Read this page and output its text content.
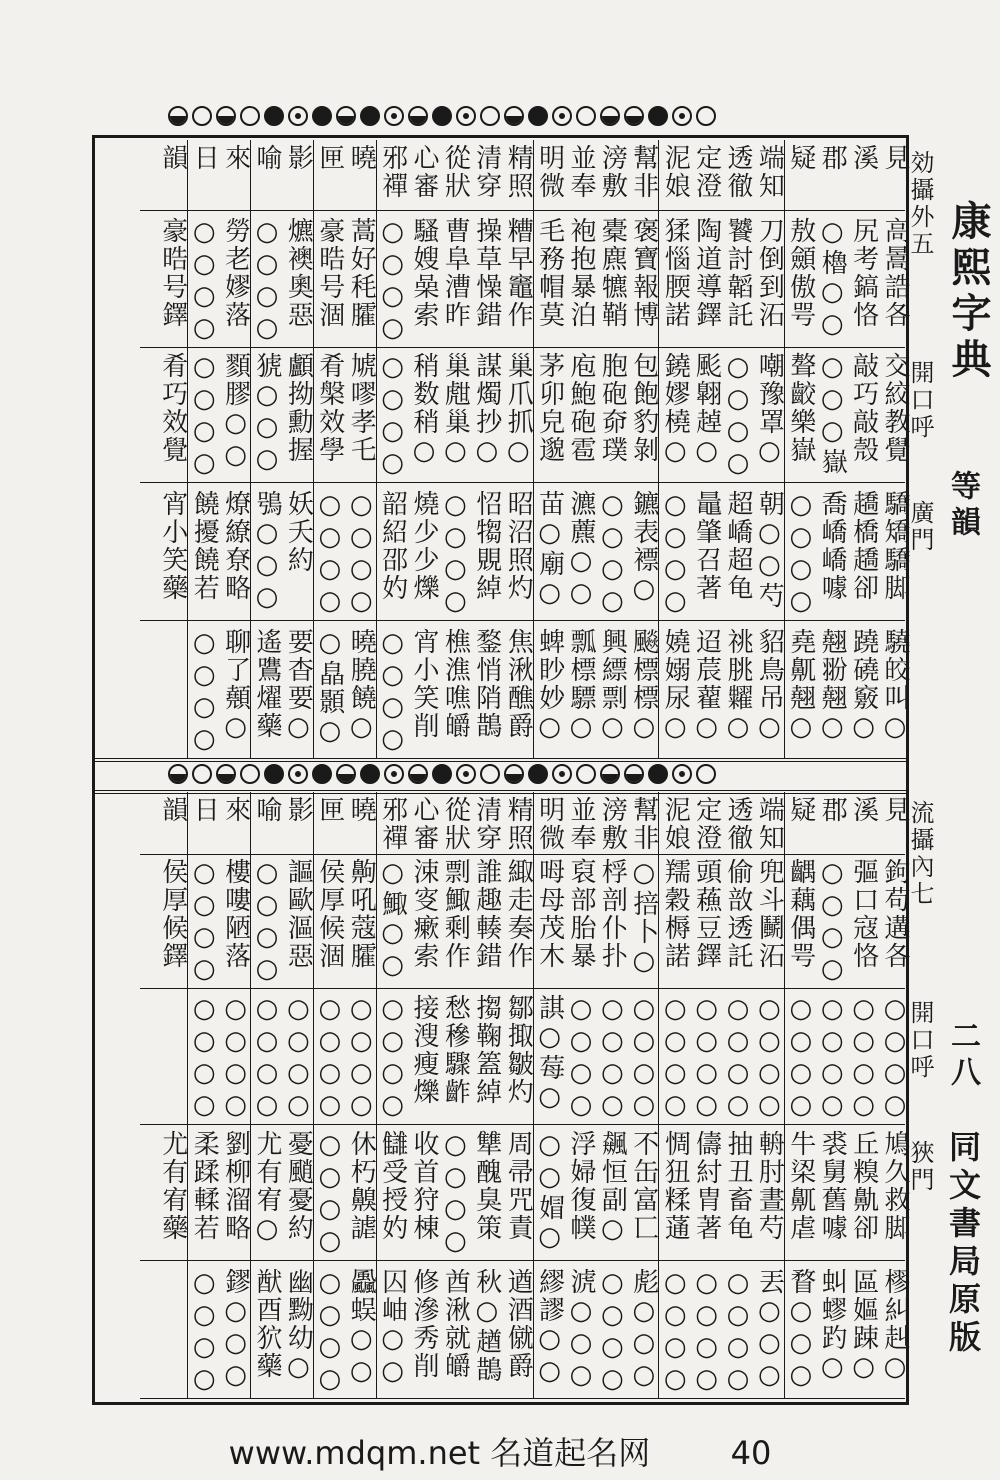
見
溪
郡
疑
端知
透徹
定澄
泥娘
幫非
滂敷
並奉
明微
精照
清穿
從狀
心審
邪禪
曉
匣
影
喻
來
日
韻
高暠誥各
尻考鎬恪
○櫓○○
敖顩傲咢
刀倒到沰
饕討韜託
陶道導鐸
猱惱腝諾
褒寶報博
橐麃犥鞘
袍抱暴泊
毛務帽莫
糟早竈作
操草懆錯
曹阜漕昨
騷嫂喿索
○○○○
蒿好秏臛
豪晧号涸
爊襖奧惡
○○○○
勞老嫪落
○○○○
豪晧号鐸
交絞教覺
敲巧敲殼
○○○嶽
聱齩樂嶽
嘲豫罩○
○○○○
颩翺趠○
鐃嫪橈○
包飽豹剝
胞砲奅璞
庖鮑砲雹
茅卯皃邈
巢爪抓○
謀燭抄○
巢甝巢○
稍数稍○
○○○○
虓嘐孝乇
肴槃效學
顱拗勳握
猇○○○
顟膠○○
○○○○
肴巧效覺
驕矯驕脚
趫橋趫卻
喬嶠嶠噱
○○○○
朝○○芍
超嶠超龟
鼂肇召著
○○○○
鑣表褾○
○○○○
瀌藨○○
苗○廟○
昭沼照灼
怊犓覞綽
○○○○
燒少少爍
韶紹邵妁
○○○○
○○○○
妖夭約
鴞○○○
燎繚尞略
饒擾饒若
宵小笑藥
驍皎叫○
蹺磽竅○
翹翂翹○
堯鼿翹○
貂鳥吊○
祧朓糶○
迢莀藋○
嬈嫋尿○
飈標標○
興縹剽○
瓢標驃○
蜱眇妙○
焦湫醮爵
鍪悄陗鵲
樵潐噍皭
宵小笑削
○○○○
曉膮饒○
○皛顥○
要杳要○
遙鷕燿藥
聊了顤○
○○○○
見
溪
郡
疑
端知
透徹
定澄
泥娘
幫非
滂敷
並奉
明微
精照
清穿
從狀
心審
邪禪
曉
匣
影
喻
來
日
韻
鉤苟遘各
彄口寇恪
○○○○
齵藕偶咢
兜斗鬭沰
偷敨透託
頭蘓豆鐸
羺穀槈諾
○掊卜○
桴剖仆扑
裒部胎暴
呣母茂木
緅走奏作
誰趣輳錯
剽鯫剩作
涑叜瘶索
○鯫○○
齁吼蔻臛
侯厚候涸
謳歐漚惡
○○○○
樓嘍陋落
○○○○
侯厚候鐸
○○○○
○○○○
○○○○
○○○○
○○○○
○○○○
○○○○
○○○○
○○○○
○○○○
○○○○
諆○莓○
鄒掫皺灼
搊鞠篕綽
愁穇驟齚
接溲瘦爍
○○○○
○○○○
○○○○
○○○○
○○○○
○○○○
○○○○
鳩久救脚
丘糗鼽卻
裘舅舊噱
牛鿄鼿虐
輈肘晝芍
抽丑畜龟
儔紂胄著
惆狃糅蓪
不缶富匸
飆恒副○
浮婦復幞
○○媢○
周帚咒責
犨醜臭策
○○○○
收首狩棟
讎受授妁
休朽齅謔
○○○○
憂颵憂約
尤有宥○
劉柳溜略
柔蹂輮若
尤有宥藥
樛糾赳○
區嫗踈○
虯蟉趵○
瞀○○○
丟○○○
○○○○
○○○○
○○○○
彪○○○
○○○○
淲○○○
繆謬○○
遒酒僦爵
秋○趥鵲
酋湫就皭
修滲秀削
囚岫○○
飍蜈○○
○○○○
幽黝幼○
猷酉狖藥
鏐○○○
○○○○
康熙字典
等韻
二八
同文書局原版
効攝外五
開口呼
廣門
流攝內七
開口呼
狹門
www.mdqm.net 名道起名网	40
